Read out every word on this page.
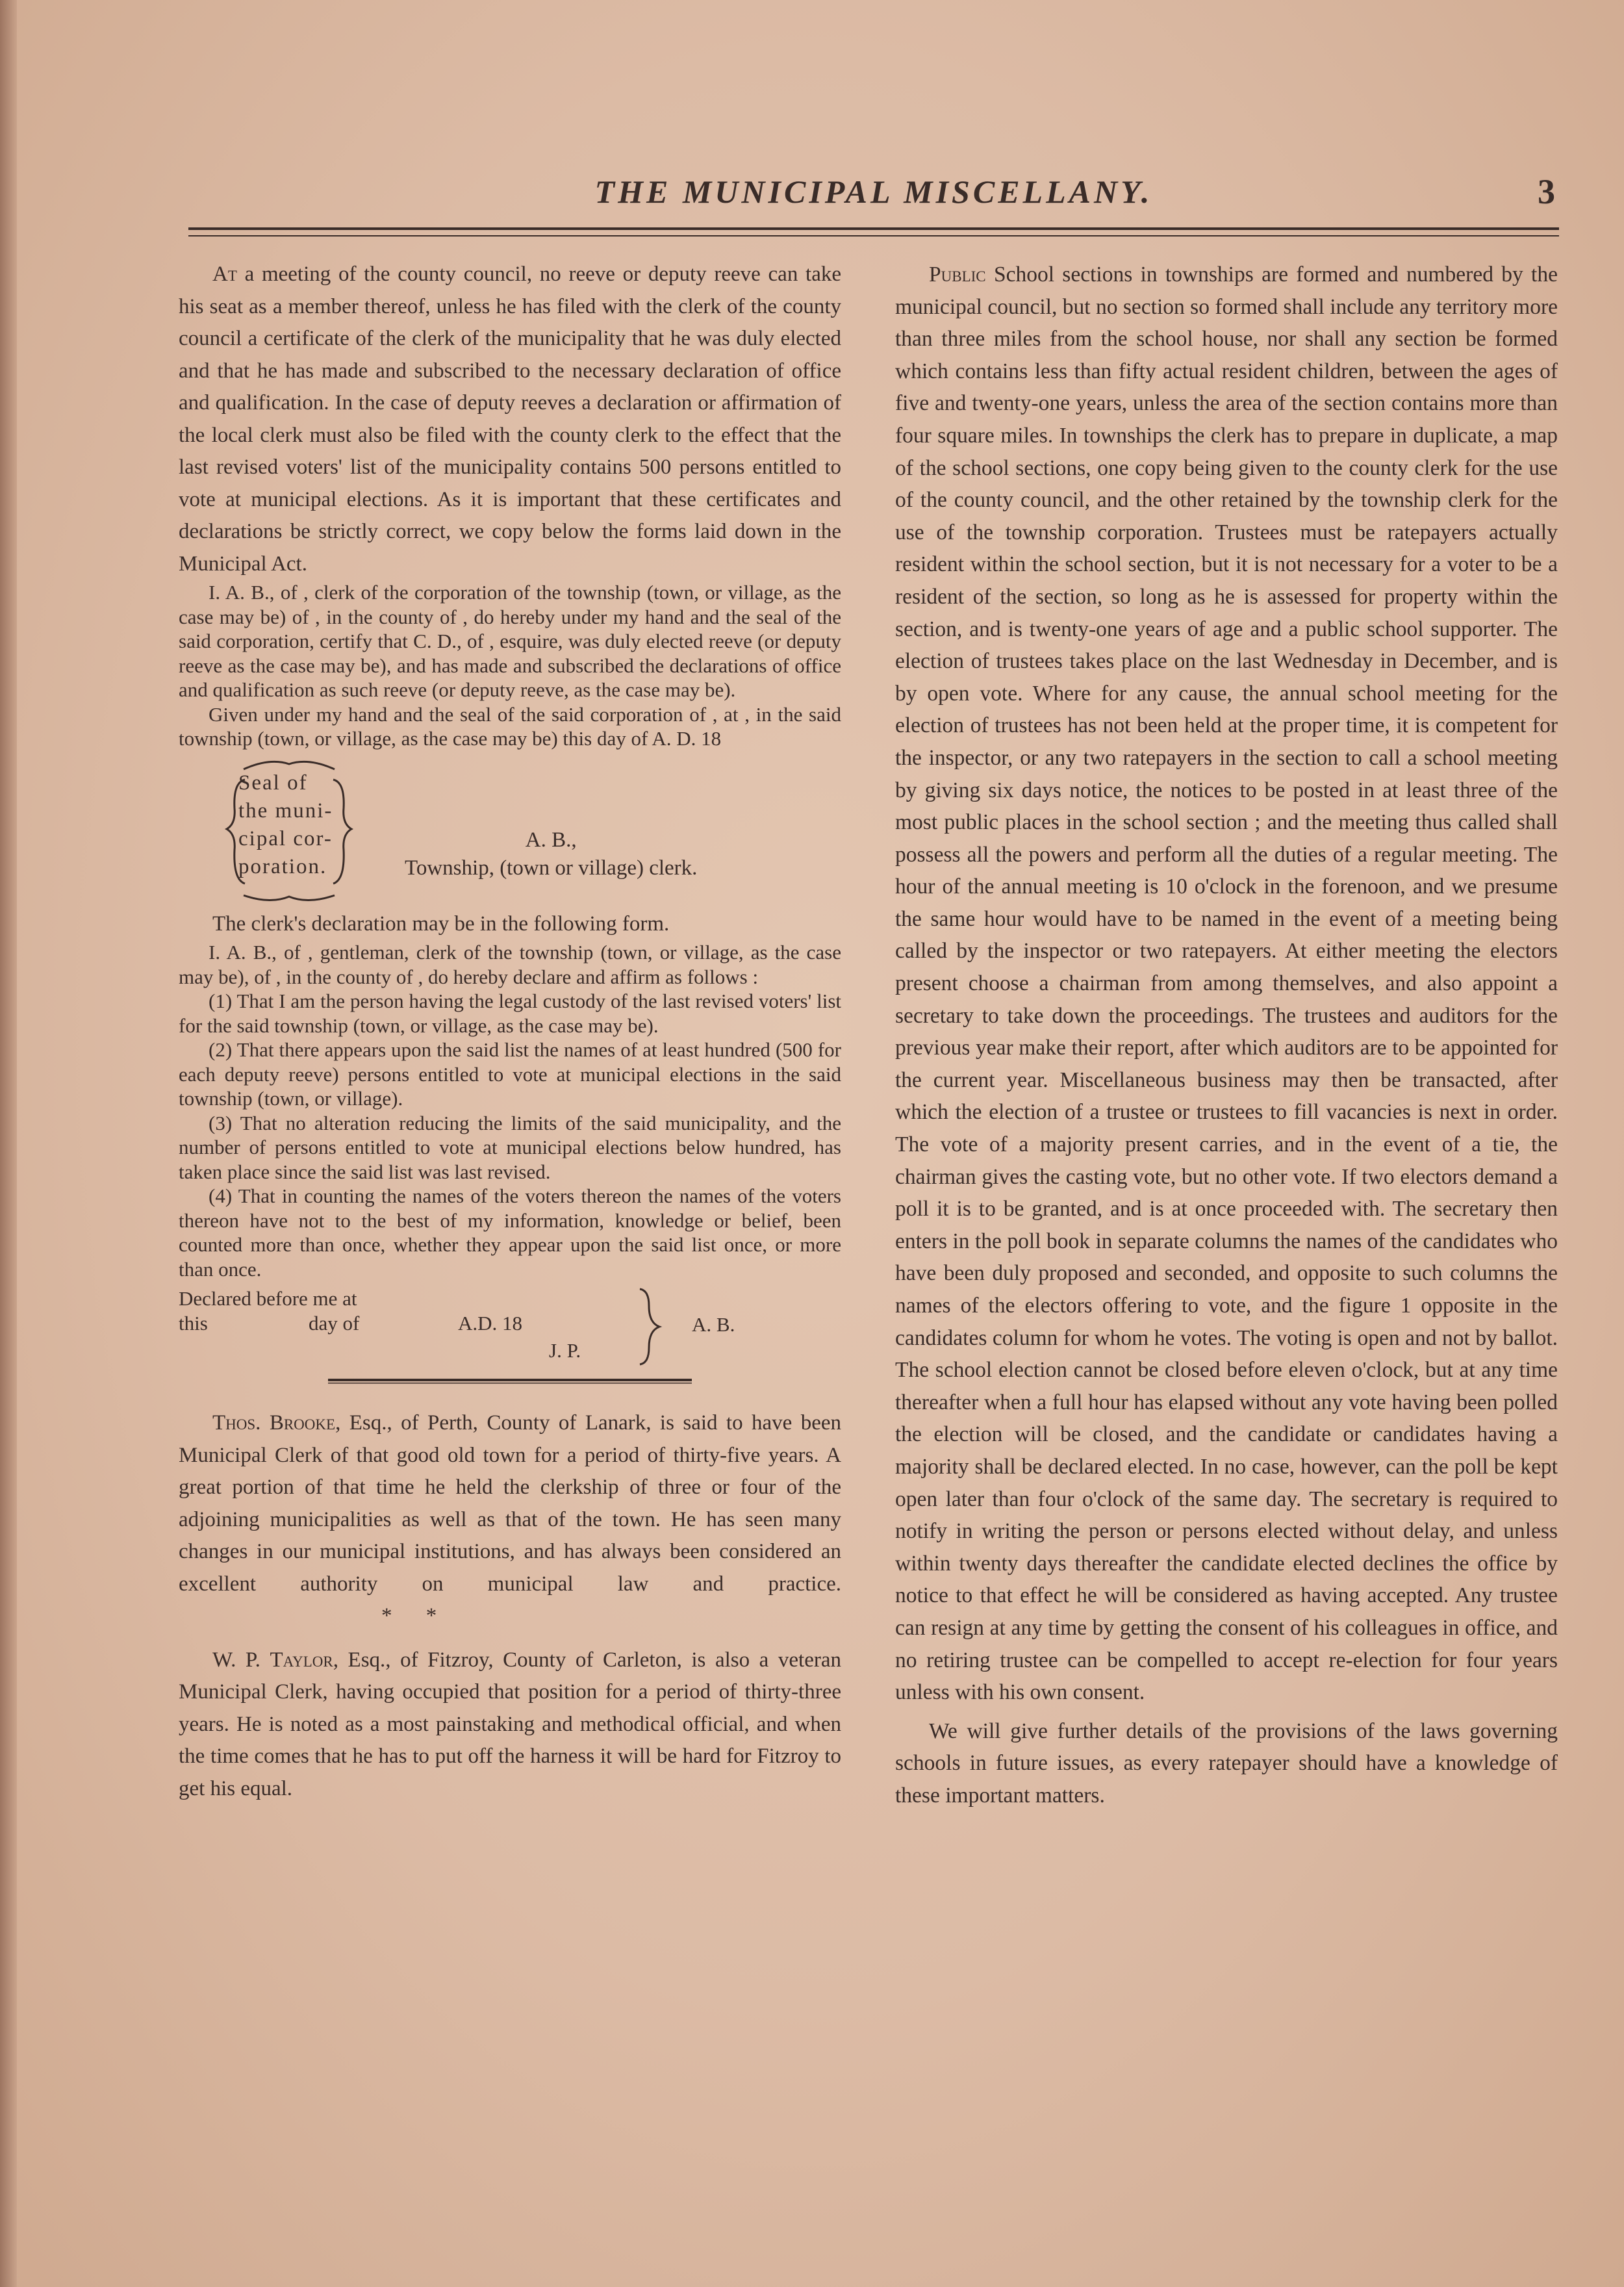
THE MUNICIPAL MISCELLANY.	3

At a meeting of the county council, no reeve or deputy reeve can take his seat as a member thereof, unless he has filed with the clerk of the county council a certificate of the clerk of the municipality that he was duly elected and that he has made and subscribed to the necessary declaration of office and qualification. In the case of deputy reeves a declaration or affirmation of the local clerk must also be filed with the county clerk to the effect that the last revised voters' list of the municipality contains 500 persons entitled to vote at municipal elections. As it is important that these certificates and declarations be strictly correct, we copy below the forms laid down in the Municipal Act.

I. A. B., of , clerk of the corporation of the township (town, or village, as the case may be) of , in the county of , do hereby under my hand and the seal of the said corporation, certify that C. D., of , esquire, was duly elected reeve (or deputy reeve as the case may be), and has made and subscribed the declarations of office and qualification as such reeve (or deputy reeve, as the case may be).

Given under my hand and the seal of the said corporation of , at , in the said township (town, or village, as the case may be) this day of A. D. 18

Seal of
the muni-
cipal cor-
poration.
A. B.,
Township, (town or village) clerk.

The clerk's declaration may be in the following form.

I. A. B., of , gentleman, clerk of the township (town, or village, as the case may be), of , in the county of , do hereby declare and affirm as follows :

(1) That I am the person having the legal custody of the last revised voters' list for the said township (town, or village, as the case may be).

(2) That there appears upon the said list the names of at least hundred (500 for each deputy reeve) persons entitled to vote at municipal elections in the said township (town, or village).

(3) That no alteration reducing the limits of the said municipality, and the number of persons entitled to vote at municipal elections below hundred, has taken place since the said list was last revised.

(4) That in counting the names of the voters thereon the names of the voters thereon have not to the best of my information, knowledge or belief, been counted more than once, whether they appear upon the said list once, or more than once.

Declared before me at
this	day of	A.D. 18
J. P.
A. B.

Thos. Brooke, Esq., of Perth, County of Lanark, is said to have been Municipal Clerk of that good old town for a period of thirty-five years. A great portion of that time he held the clerkship of three or four of the adjoining municipalities as well as that of the town. He has seen many changes in our municipal institutions, and has always been considered an excellent authority on municipal law and practice.* *

W. P. Taylor, Esq., of Fitzroy, County of Carleton, is also a veteran Municipal Clerk, having occupied that position for a period of thirty-three years. He is noted as a most painstaking and methodical official, and when the time comes that he has to put off the harness it will be hard for Fitzroy to get his equal.

Public School sections in townships are formed and numbered by the municipal council, but no section so formed shall include any territory more than three miles from the school house, nor shall any section be formed which contains less than fifty actual resident children, between the ages of five and twenty-one years, unless the area of the section contains more than four square miles. In townships the clerk has to prepare in duplicate, a map of the school sections, one copy being given to the county clerk for the use of the county council, and the other retained by the township clerk for the use of the township corporation. Trustees must be ratepayers actually resident within the school section, but it is not necessary for a voter to be a resident of the section, so long as he is assessed for property within the section, and is twenty-one years of age and a public school supporter. The election of trustees takes place on the last Wednesday in December, and is by open vote. Where for any cause, the annual school meeting for the election of trustees has not been held at the proper time, it is competent for the inspector, or any two ratepayers in the section to call a school meeting by giving six days notice, the notices to be posted in at least three of the most public places in the school section ; and the meeting thus called shall possess all the powers and perform all the duties of a regular meeting. The hour of the annual meeting is 10 o'clock in the forenoon, and we presume the same hour would have to be named in the event of a meeting being called by the inspector or two ratepayers. At either meeting the electors present choose a chairman from among themselves, and also appoint a secretary to take down the proceedings. The trustees and auditors for the previous year make their report, after which auditors are to be appointed for the current year. Miscellaneous business may then be transacted, after which the election of a trustee or trustees to fill vacancies is next in order. The vote of a majority present carries, and in the event of a tie, the chairman gives the casting vote, but no other vote. If two electors demand a poll it is to be granted, and is at once proceeded with. The secretary then enters in the poll book in separate columns the names of the candidates who have been duly proposed and seconded, and opposite to such columns the names of the electors offering to vote, and the figure 1 opposite in the candidates column for whom he votes. The voting is open and not by ballot. The school election cannot be closed before eleven o'clock, but at any time thereafter when a full hour has elapsed without any vote having been polled the election will be closed, and the candidate or candidates having a majority shall be declared elected. In no case, however, can the poll be kept open later than four o'clock of the same day. The secretary is required to notify in writing the person or persons elected without delay, and unless within twenty days thereafter the candidate elected declines the office by notice to that effect he will be considered as having accepted. Any trustee can resign at any time by getting the consent of his colleagues in office, and no retiring trustee can be compelled to accept re-election for four years unless with his own consent.

We will give further details of the provisions of the laws governing schools in future issues, as every ratepayer should have a knowledge of these important matters.
